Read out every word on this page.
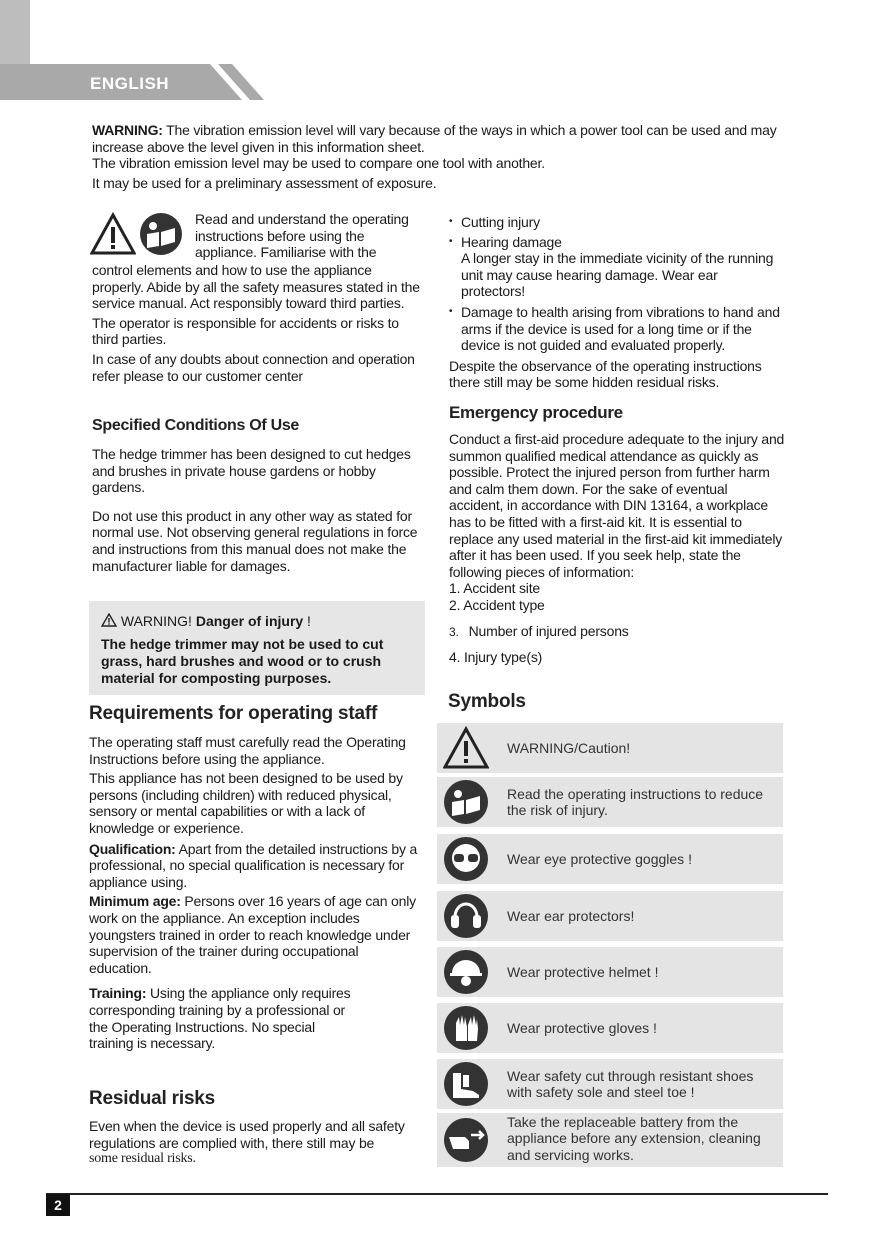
ENGLISH

WARNING: The vibration emission level will vary because of the ways in which a power tool can be used and may increase above the level given in this information sheet.

The vibration emission level may be used to compare one tool with another.

It may be used for a preliminary assessment of exposure.

Read and understand the operating

instructions before using the

appliance. Familiarise with the

control elements and how to use the appliance properly. Abide by all the safety measures stated in the service manual. Act responsibly toward third parties.

The operator is responsible for accidents or risks to third parties.

In case of any doubts about connection and operation refer please to our customer center

Specified Conditions Of Use

The hedge trimmer has been designed to cut hedges and brushes in private house gardens or hobby gardens.

Do not use this product in any other way as stated for normal use. Not observing general regulations in force and instructions from this manual does not make the manufacturer liable for damages.

WARNING! Danger of injury !
The hedge trimmer may not be used to cut grass, hard brushes and wood or to crush material for composting purposes.
Requirements for operating staff

The operating staff must carefully read the Operating Instructions before using the appliance.

This appliance has not been designed to be used by persons (including children) with reduced physical, sensory or mental capabilities or with a lack of knowledge or experience.

Qualification: Apart from the detailed instructions by a professional, no special qualification is necessary for appliance using.

Minimum age: Persons over 16 years of age can only work on the appliance. An exception includes youngsters trained in order to reach knowledge under supervision of the trainer during occupational education.

Training: Using the appliance only requires corresponding training by a professional or the Operating Instructions. No special training is necessary.

Residual risks

Even when the device is used properly and all safety regulations are complied with, there still may be

some residual risks.

• Cutting injury
• Hearing damage
A longer stay in the immediate vicinity of the running unit may cause hearing damage. Wear ear protectors!
• Damage to health arising from vibrations to hand and arms if the device is used for a long time or if the device is not guided and evaluated properly.

Despite the observance of the operating instructions there still may be some hidden residual risks.

Emergency procedure

Conduct a first-aid procedure adequate to the injury and summon qualified medical attendance as quickly as possible. Protect the injured person from further harm and calm them down. For the sake of eventual accident, in accordance with DIN 13164, a workplace has to be fitted with a first-aid kit. It is essential to replace any used material in the first-aid kit immediately after it has been used. If you seek help, state the following pieces of information:

1. Accident site

2. Accident type

3. Number of injured persons
4. Injury type(s)
Symbols
WARNING/Caution!
Read the operating instructions to reduce the risk of injury.
Wear eye protective goggles !
Wear ear protectors!
Wear protective helmet !
Wear protective gloves !
Wear safety cut through resistant shoes with safety sole and steel toe !
Take the replaceable battery from the appliance before any extension, cleaning and servicing works.
2
